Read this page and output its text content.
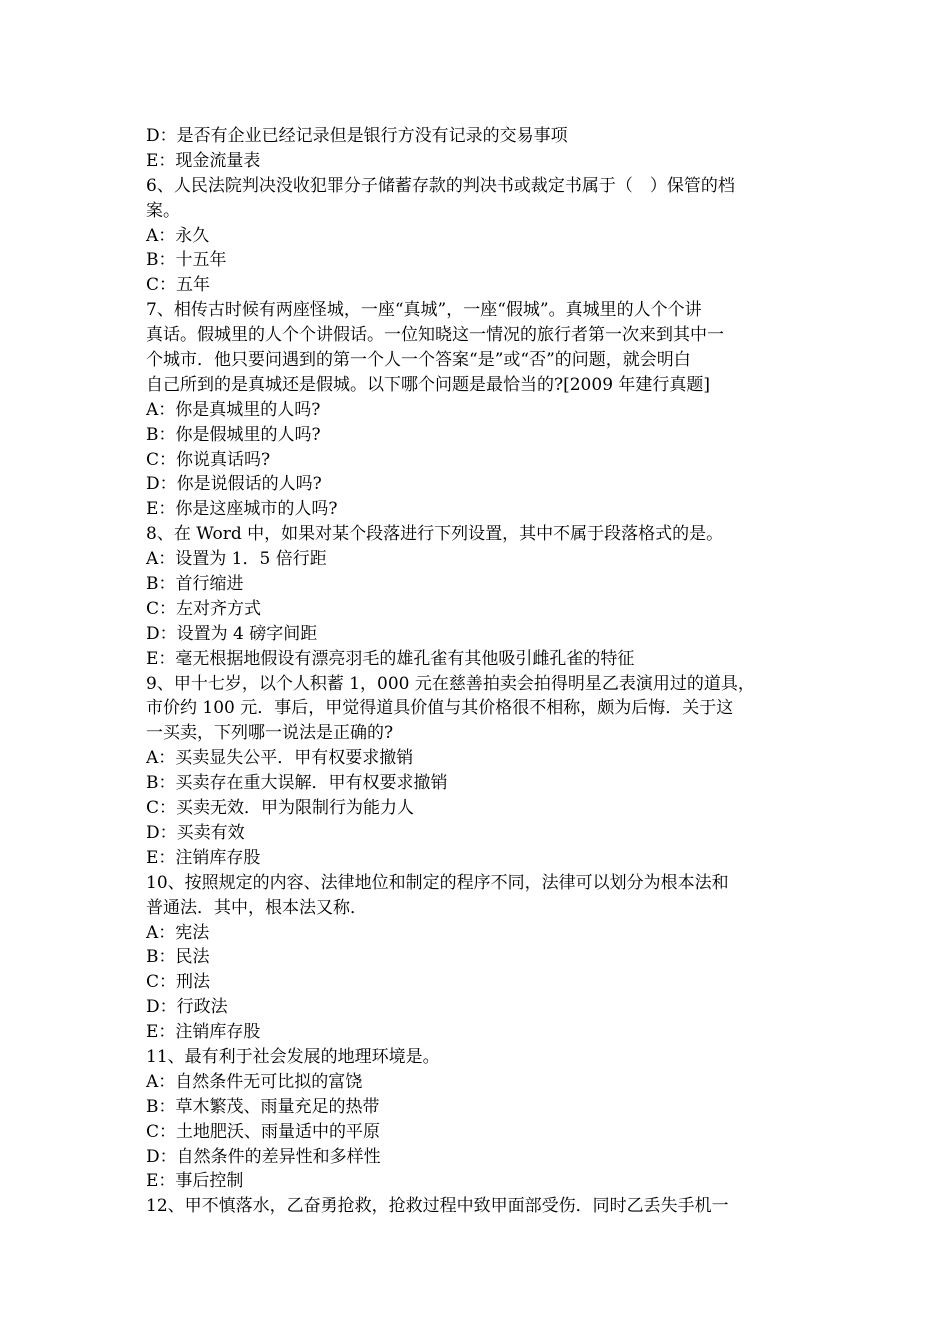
D：是否有企业已经记录但是银行方没有记录的交易事项
E：现金流量表
6、人民法院判决没收犯罪分子储蓄存款的判决书或裁定书属于（　）保管的档
案。
A：永久
B：十五年
C：五年
7、相传古时候有两座怪城，一座“真城”，一座“假城”。真城里的人个个讲
真话。假城里的人个个讲假话。一位知晓这一情况的旅行者第一次来到其中一
个城市．他只要问遇到的第一个人一个答案“是”或“否”的问题，就会明白
自己所到的是真城还是假城。以下哪个问题是最恰当的?[2009 年建行真题]
A：你是真城里的人吗?
B：你是假城里的人吗?
C：你说真话吗?
D：你是说假话的人吗?
E：你是这座城市的人吗?
8、在 Word 中，如果对某个段落进行下列设置，其中不属于段落格式的是。
A：设置为 1．5 倍行距
B：首行缩进
C：左对齐方式
D：设置为 4 磅字间距
E：毫无根据地假设有漂亮羽毛的雄孔雀有其他吸引雌孔雀的特征
9、甲十七岁，以个人积蓄 1，000 元在慈善拍卖会拍得明星乙表演用过的道具，
市价约 100 元．事后，甲觉得道具价值与其价格很不相称，颇为后悔．关于这
一买卖，下列哪一说法是正确的?
A：买卖显失公平．甲有权要求撤销
B：买卖存在重大误解．甲有权要求撤销
C：买卖无效．甲为限制行为能力人
D：买卖有效
E：注销库存股
10、按照规定的内容、法律地位和制定的程序不同，法律可以划分为根本法和
普通法．其中，根本法又称．
A：宪法
B：民法
C：刑法
D：行政法
E：注销库存股
11、最有利于社会发展的地理环境是。
A：自然条件无可比拟的富饶
B：草木繁茂、雨量充足的热带
C：土地肥沃、雨量适中的平原
D：自然条件的差异性和多样性
E：事后控制
12、甲不慎落水，乙奋勇抢救，抢救过程中致甲面部受伤．同时乙丢失手机一
